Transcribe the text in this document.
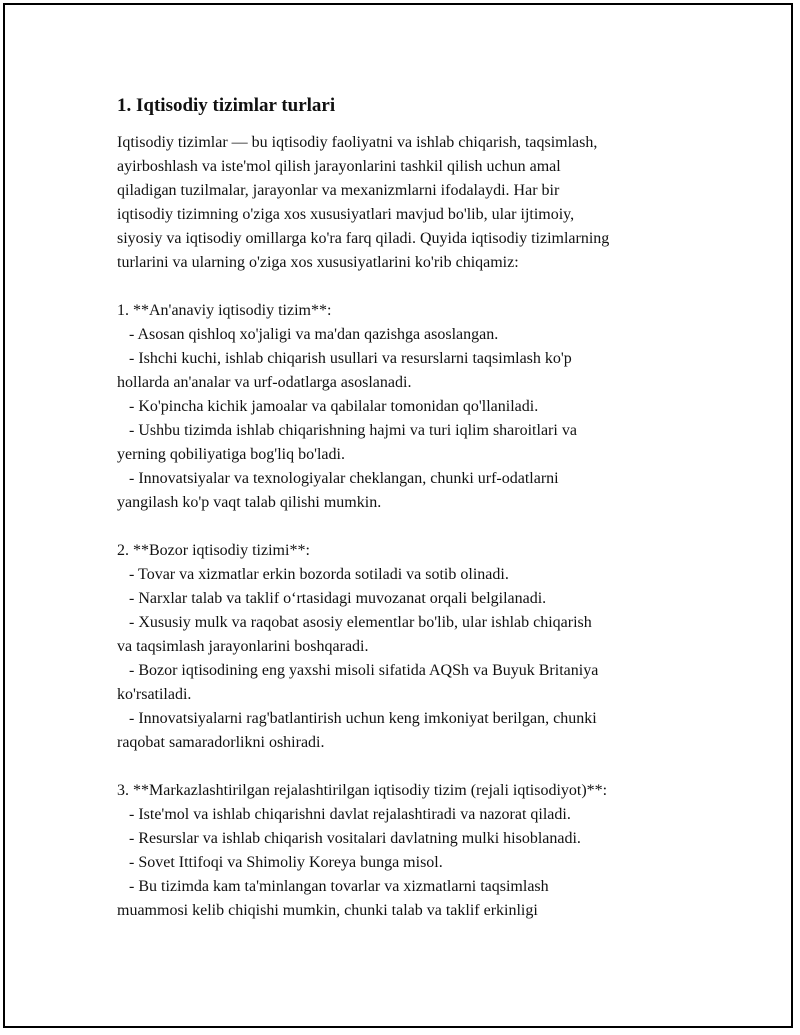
1. Iqtisodiy tizimlar turlari

Iqtisodiy tizimlar — bu iqtisodiy faoliyatni va ishlab chiqarish, taqsimlash,

ayirboshlash va iste'mol qilish jarayonlarini tashkil qilish uchun amal

qiladigan tuzilmalar, jarayonlar va mexanizmlarni ifodalaydi. Har bir

iqtisodiy tizimning o'ziga xos xususiyatlari mavjud bo'lib, ular ijtimoiy,

siyosiy va iqtisodiy omillarga ko'ra farq qiladi. Quyida iqtisodiy tizimlarning

turlarini va ularning o'ziga xos xususiyatlarini ko'rib chiqamiz:

1. **An'anaviy iqtisodiy tizim**:

- Asosan qishloq xo'jaligi va ma'dan qazishga asoslangan.

- Ishchi kuchi, ishlab chiqarish usullari va resurslarni taqsimlash ko'p

hollarda an'analar va urf-odatlarga asoslanadi.

- Ko'pincha kichik jamoalar va qabilalar tomonidan qo'llaniladi.

- Ushbu tizimda ishlab chiqarishning hajmi va turi iqlim sharoitlari va

yerning qobiliyatiga bog'liq bo'ladi.

- Innovatsiyalar va texnologiyalar cheklangan, chunki urf-odatlarni

yangilash ko'p vaqt talab qilishi mumkin.

2. **Bozor iqtisodiy tizimi**:

- Tovar va xizmatlar erkin bozorda sotiladi va sotib olinadi.

- Narxlar talab va taklif o‘rtasidagi muvozanat orqali belgilanadi.

- Xususiy mulk va raqobat asosiy elementlar bo'lib, ular ishlab chiqarish

va taqsimlash jarayonlarini boshqaradi.

- Bozor iqtisodining eng yaxshi misoli sifatida AQSh va Buyuk Britaniya

ko'rsatiladi.

- Innovatsiyalarni rag'batlantirish uchun keng imkoniyat berilgan, chunki

raqobat samaradorlikni oshiradi.

3. **Markazlashtirilgan rejalashtirilgan iqtisodiy tizim (rejali iqtisodiyot)**:

- Iste'mol va ishlab chiqarishni davlat rejalashtiradi va nazorat qiladi.

- Resurslar va ishlab chiqarish vositalari davlatning mulki hisoblanadi.

- Sovet Ittifoqi va Shimoliy Koreya bunga misol.

- Bu tizimda kam ta'minlangan tovarlar va xizmatlarni taqsimlash

muammosi kelib chiqishi mumkin, chunki talab va taklif erkinligi
